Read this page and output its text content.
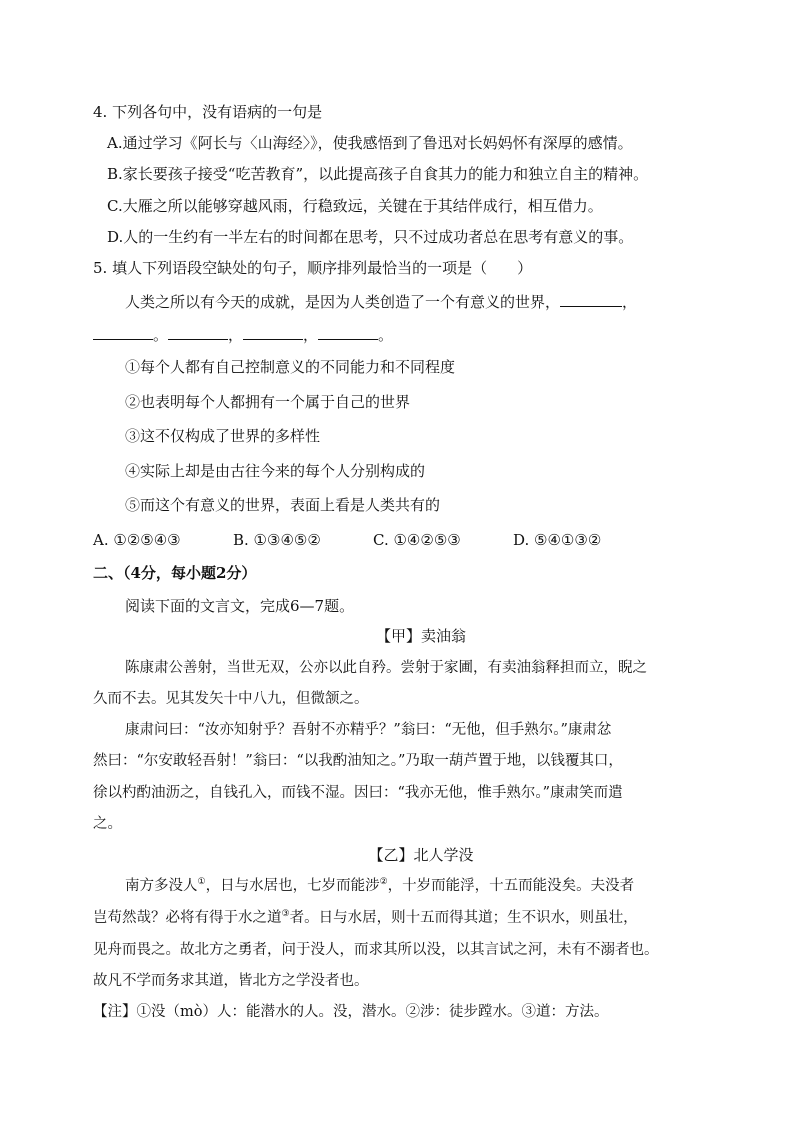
4. 下列各句中，没有语病的一句是
A.通过学习《阿长与〈山海经〉》，使我感悟到了鲁迅对长妈妈怀有深厚的感情。
B.家长要孩子接受“吃苦教育”，以此提高孩子自食其力的能力和独立自主的精神。
C.大雁之所以能够穿越风雨，行稳致远，关键在于其结伴成行，相互借力。
D.人的一生约有一半左右的时间都在思考，只不过成功者总在思考有意义的事。
5. 填人下列语段空缺处的句子，顺序排列最恰当的一项是（　　）
人类之所以有今天的成就，是因为人类创造了一个有意义的世界，	，
。	，	，	。
①每个人都有自己控制意义的不同能力和不同程度
②也表明每个人都拥有一个属于自己的世界
③这不仅构成了世界的多样性
④实际上却是由古往今来的每个人分别构成的
⑤而这个有意义的世界，表面上看是人类共有的
A. ①②⑤④③	B. ①③④⑤②	C. ①④②⑤③	D. ⑤④①③②
二、（4分，每小题2分）
阅读下面的文言文，完成6—7题。
【甲】卖油翁
陈康肃公善射，当世无双，公亦以此自矜。尝射于家圃，有卖油翁释担而立，睨之
久而不去。见其发矢十中八九，但微颔之。
康肃问曰：“汝亦知射乎？吾射不亦精乎？”翁曰：“无他，但手熟尔。”康肃忿
然曰：“尔安敢轻吾射！”翁曰：“以我酌油知之。”乃取一葫芦置于地，以钱覆其口，
徐以杓酌油沥之，自钱孔入，而钱不湿。因曰：“我亦无他，惟手熟尔。”康肃笑而遣
之。
【乙】北人学没
南方多没人①，日与水居也，七岁而能涉②，十岁而能浮，十五而能没矣。夫没者
岂苟然哉？必将有得于水之道③者。日与水居，则十五而得其道；生不识水，则虽壮，
见舟而畏之。故北方之勇者，问于没人，而求其所以没，以其言试之河，未有不溺者也。
故凡不学而务求其道，皆北方之学没者也。
【注】①没（mò）人：能潜水的人。没，潜水。②涉：徒步蹚水。③道：方法。
